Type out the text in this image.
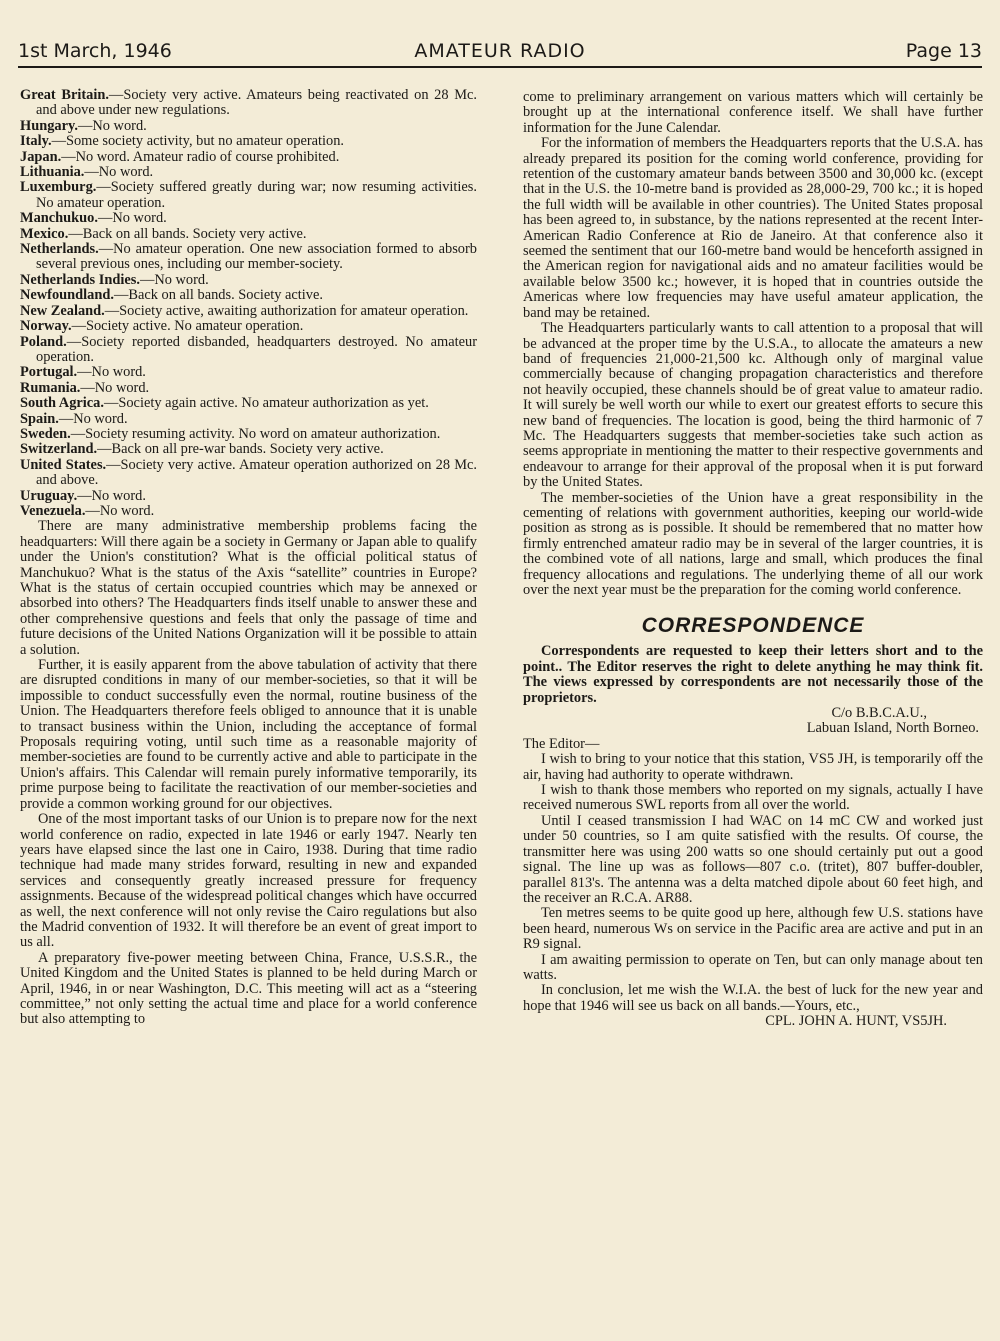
1st March, 1946	AMATEUR RADIO	Page 13

Great Britain.—Society very active. Amateurs being reactivated on 28 Mc. and above under new regulations.

Hungary.—No word.

Italy.—Some society activity, but no amateur operation.

Japan.—No word. Amateur radio of course prohibited.

Lithuania.—No word.

Luxemburg.—Society suffered greatly during war; now resuming activities. No amateur operation.

Manchukuo.—No word.

Mexico.—Back on all bands. Society very active.

Netherlands.—No amateur operation. One new association formed to absorb several previous ones, including our member-society.

Netherlands Indies.—No word.

Newfoundland.—Back on all bands. Society active.

New Zealand.—Society active, awaiting authorization for amateur operation.

Norway.—Society active. No amateur operation.

Poland.—Society reported disbanded, headquarters destroyed. No amateur operation.

Portugal.—No word.

Rumania.—No word.

South Agrica.—Society again active. No amateur authorization as yet.

Spain.—No word.

Sweden.—Society resuming activity. No word on amateur authorization.

Switzerland.—Back on all pre-war bands. Society very active.

United States.—Society very active. Amateur operation authorized on 28 Mc. and above.

Uruguay.—No word.

Venezuela.—No word.

There are many administrative membership problems facing the headquarters: Will there again be a society in Germany or Japan able to qualify under the Union's constitution? What is the official political status of Manchukuo? What is the status of the Axis “satellite” countries in Europe? What is the status of certain occupied countries which may be annexed or absorbed into others? The Headquarters finds itself unable to answer these and other comprehensive questions and feels that only the passage of time and future decisions of the United Nations Organization will it be possible to attain a solution.

Further, it is easily apparent from the above tabulation of activity that there are disrupted conditions in many of our member-societies, so that it will be impossible to conduct successfully even the normal, routine business of the Union. The Headquarters therefore feels obliged to announce that it is unable to transact business within the Union, including the acceptance of formal Proposals requiring voting, until such time as a reasonable majority of member-societies are found to be currently active and able to participate in the Union's affairs. This Calendar will remain purely informative temporarily, its prime purpose being to facilitate the reactivation of our member-societies and provide a common working ground for our objectives.

One of the most important tasks of our Union is to prepare now for the next world conference on radio, expected in late 1946 or early 1947. Nearly ten years have elapsed since the last one in Cairo, 1938. During that time radio technique had made many strides forward, resulting in new and expanded services and consequently greatly increased pressure for frequency assignments. Because of the widespread political changes which have occurred as well, the next conference will not only revise the Cairo regulations but also the Madrid convention of 1932. It will therefore be an event of great import to us all.

A preparatory five-power meeting between China, France, U.S.S.R., the United Kingdom and the United States is planned to be held during March or April, 1946, in or near Washington, D.C. This meeting will act as a “steering committee,” not only setting the actual time and place for a world conference but also attempting to

come to preliminary arrangement on various matters which will certainly be brought up at the international conference itself. We shall have further information for the June Calendar.

For the information of members the Headquarters reports that the U.S.A. has already prepared its position for the coming world conference, providing for retention of the customary amateur bands between 3500 and 30,000 kc. (except that in the U.S. the 10-metre band is provided as 28,000-29, 700 kc.; it is hoped the full width will be available in other countries). The United States proposal has been agreed to, in substance, by the nations represented at the recent Inter-American Radio Conference at Rio de Janeiro. At that conference also it seemed the sentiment that our 160-metre band would be henceforth assigned in the American region for navigational aids and no amateur facilities would be available below 3500 kc.; however, it is hoped that in countries outside the Americas where low frequencies may have useful amateur application, the band may be retained.

The Headquarters particularly wants to call attention to a proposal that will be advanced at the proper time by the U.S.A., to allocate the amateurs a new band of frequencies 21,000-21,500 kc. Although only of marginal value commercially because of changing propagation characteristics and therefore not heavily occupied, these channels should be of great value to amateur radio. It will surely be well worth our while to exert our greatest efforts to secure this new band of frequencies. The location is good, being the third harmonic of 7 Mc. The Headquarters suggests that member-societies take such action as seems appropriate in mentioning the matter to their respective governments and endeavour to arrange for their approval of the proposal when it is put forward by the United States.

The member-societies of the Union have a great responsibility in the cementing of relations with government authorities, keeping our world-wide position as strong as is possible. It should be remembered that no matter how firmly entrenched amateur radio may be in several of the larger countries, it is the combined vote of all nations, large and small, which produces the final frequency allocations and regulations. The underlying theme of all our work over the next year must be the preparation for the coming world conference.

CORRESPONDENCE

Correspondents are requested to keep their letters short and to the point.. The Editor reserves the right to delete anything he may think fit. The views expressed by correspondents are not necessarily those of the proprietors.

C/o B.B.C.A.U.,
Labuan Island, North Borneo.

The Editor—

I wish to bring to your notice that this station, VS5 JH, is temporarily off the air, having had authority to operate withdrawn.

I wish to thank those members who reported on my signals, actually I have received numerous SWL reports from all over the world.

Until I ceased transmission I had WAC on 14 mC CW and worked just under 50 countries, so I am quite satisfied with the results. Of course, the transmitter here was using 200 watts so one should certainly put out a good signal. The line up was as follows—807 c.o. (tritet), 807 buffer-doubler, parallel 813's. The antenna was a delta matched dipole about 60 feet high, and the receiver an R.C.A. AR88.

Ten metres seems to be quite good up here, although few U.S. stations have been heard, numerous Ws on service in the Pacific area are active and put in an R9 signal.

I am awaiting permission to operate on Ten, but can only manage about ten watts.

In conclusion, let me wish the W.I.A. the best of luck for the new year and hope that 1946 will see us back on all bands.—Yours, etc.,

CPL. JOHN A. HUNT, VS5JH.
